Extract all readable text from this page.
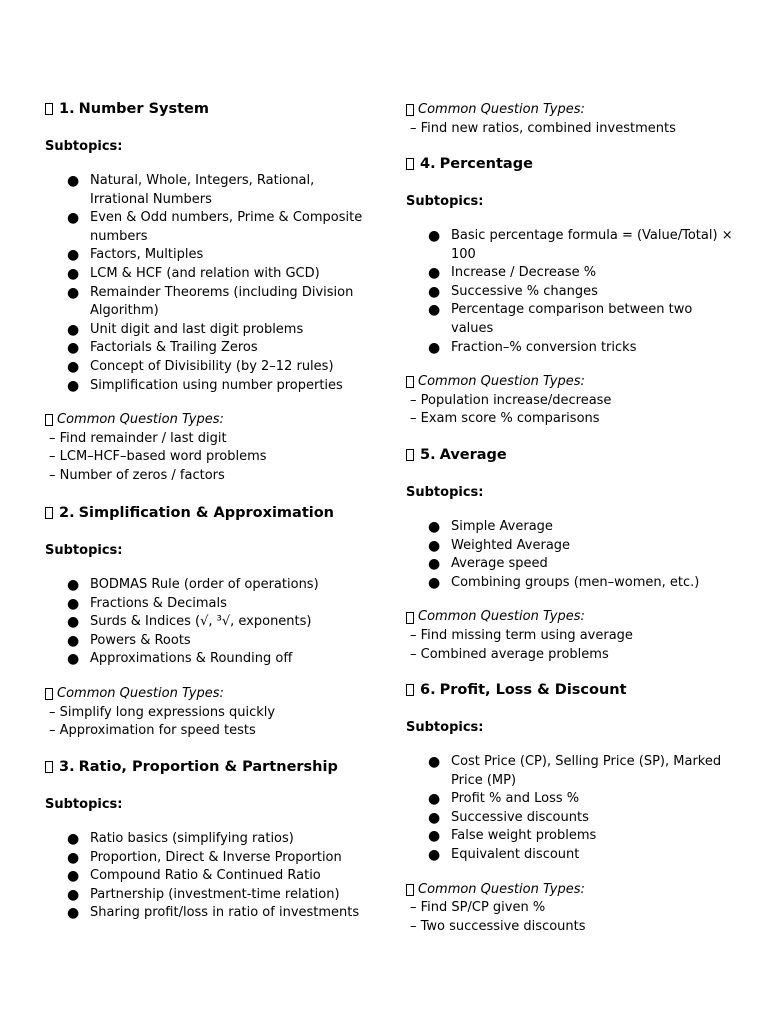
1. Number System
Subtopics:
● Natural, Whole, Integers, Rational, Irrational Numbers
● Even & Odd numbers, Prime & Composite numbers
● Factors, Multiples
● LCM & HCF (and relation with GCD)
● Remainder Theorems (including Division Algorithm)
● Unit digit and last digit problems
● Factorials & Trailing Zeros
● Concept of Divisibility (by 2–12 rules)
● Simplification using number properties
Common Question Types:
– Find remainder / last digit
– LCM–HCF–based word problems
– Number of zeros / factors
2. Simplification & Approximation
Subtopics:
● BODMAS Rule (order of operations)
● Fractions & Decimals
● Surds & Indices (√, ³√, exponents)
● Powers & Roots
● Approximations & Rounding off
Common Question Types:
– Simplify long expressions quickly
– Approximation for speed tests
3. Ratio, Proportion & Partnership
Subtopics:
● Ratio basics (simplifying ratios)
● Proportion, Direct & Inverse Proportion
● Compound Ratio & Continued Ratio
● Partnership (investment-time relation)
● Sharing profit/loss in ratio of investments
Common Question Types:
– Find new ratios, combined investments
4. Percentage
Subtopics:
● Basic percentage formula = (Value/Total) × 100
● Increase / Decrease %
● Successive % changes
● Percentage comparison between two values
● Fraction–% conversion tricks
Common Question Types:
– Population increase/decrease
– Exam score % comparisons
5. Average
Subtopics:
● Simple Average
● Weighted Average
● Average speed
● Combining groups (men–women, etc.)
Common Question Types:
– Find missing term using average
– Combined average problems
6. Profit, Loss & Discount
Subtopics:
● Cost Price (CP), Selling Price (SP), Marked Price (MP)
● Profit % and Loss %
● Successive discounts
● False weight problems
● Equivalent discount
Common Question Types:
– Find SP/CP given %
– Two successive discounts
